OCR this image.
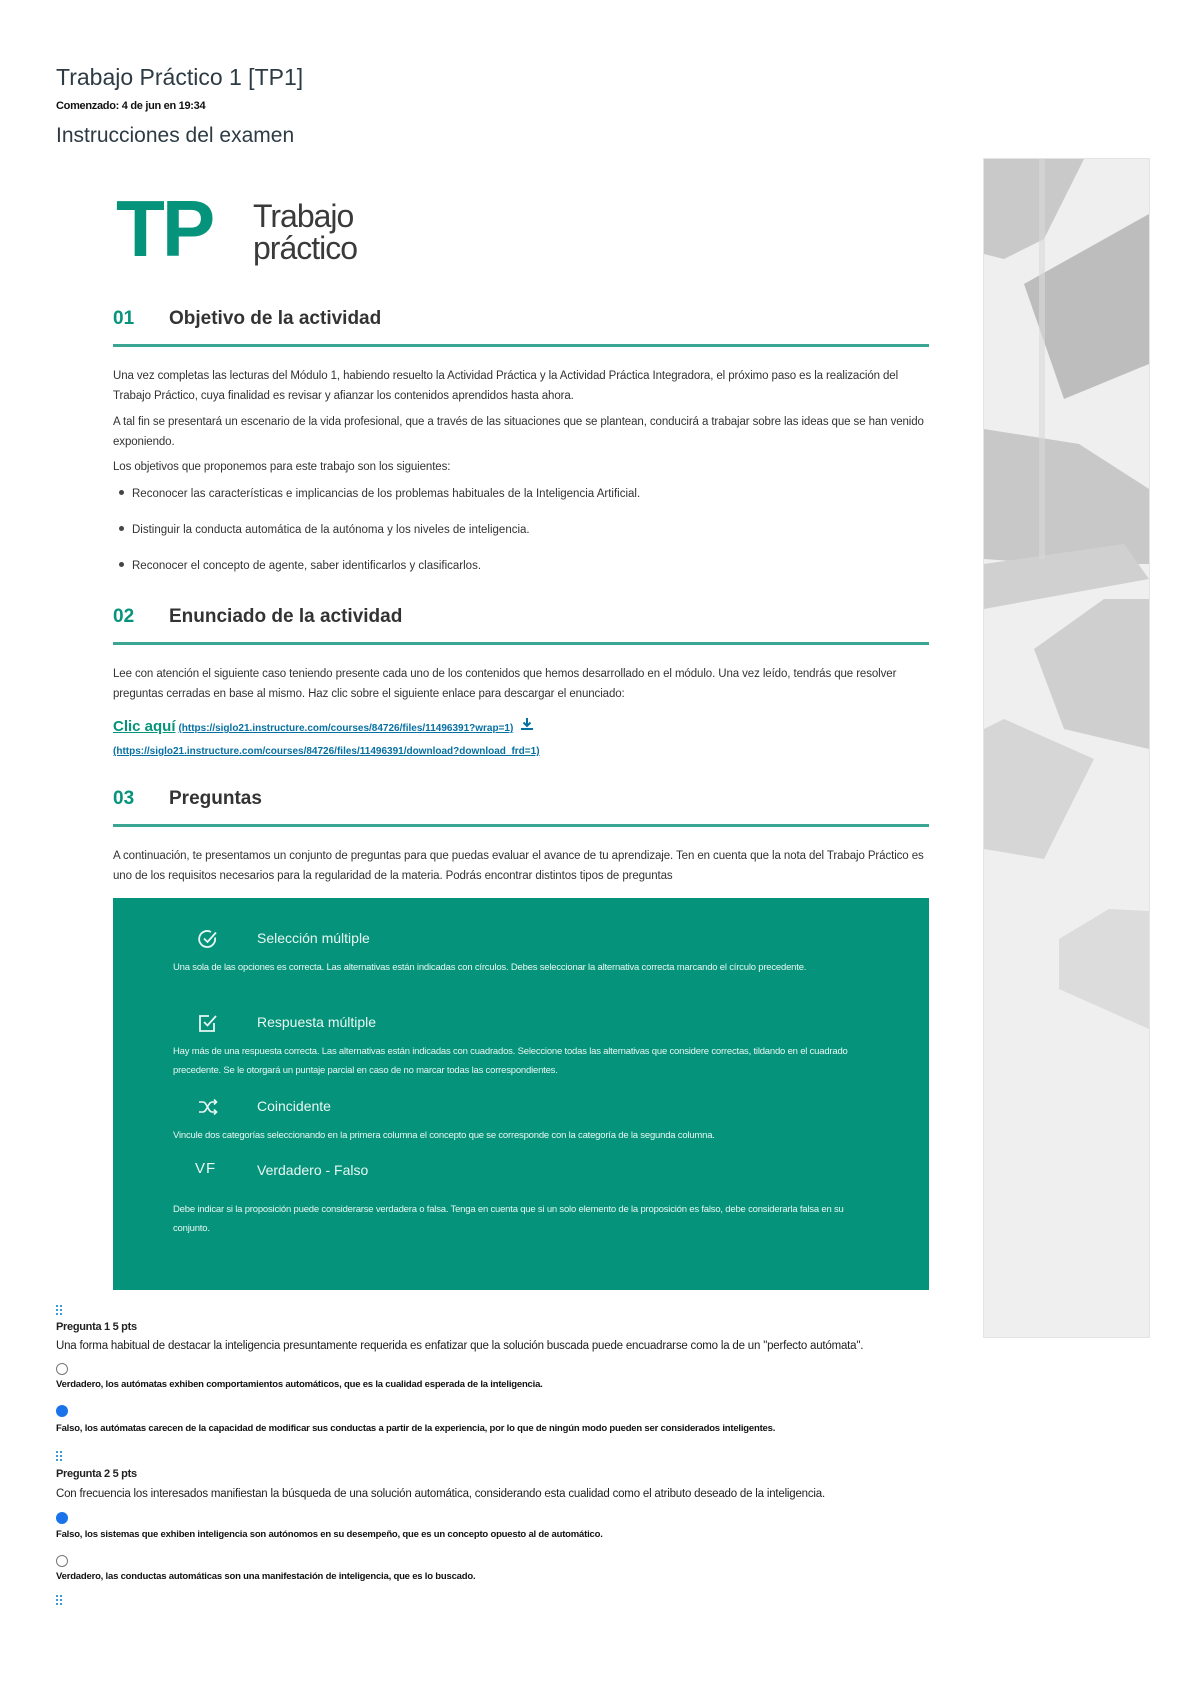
Trabajo Práctico 1 [TP1]
Comenzado: 4 de jun en 19:34
Instrucciones del examen
TP Trabajo
práctico
01 Objetivo de la actividad
Una vez completas las lecturas del Módulo 1, habiendo resuelto la Actividad Práctica y la Actividad Práctica Integradora, el próximo paso es la realización del Trabajo Práctico, cuya finalidad es revisar y afianzar los contenidos aprendidos hasta ahora.
A tal fin se presentará un escenario de la vida profesional, que a través de las situaciones que se plantean, conducirá a trabajar sobre las ideas que se han venido exponiendo.
Los objetivos que proponemos para este trabajo son los siguientes:
Reconocer las características e implicancias de los problemas habituales de la Inteligencia Artificial.
Distinguir la conducta automática de la autónoma y los niveles de inteligencia.
Reconocer el concepto de agente, saber identificarlos y clasificarlos.
02 Enunciado de la actividad
Lee con atención el siguiente caso teniendo presente cada uno de los contenidos que hemos desarrollado en el módulo. Una vez leído, tendrás que resolver preguntas cerradas en base al mismo. Haz clic sobre el siguiente enlace para descargar el enunciado:
Clic aquí (https://siglo21.instructure.com/courses/84726/files/11496391?wrap=1)
(https://siglo21.instructure.com/courses/84726/files/11496391/download?download_frd=1)
03 Preguntas
A continuación, te presentamos un conjunto de preguntas para que puedas evaluar el avance de tu aprendizaje. Ten en cuenta que la nota del Trabajo Práctico es uno de los requisitos necesarios para la regularidad de la materia. Podrás encontrar distintos tipos de preguntas
Selección múltiple
Una sola de las opciones es correcta. Las alternativas están indicadas con círculos. Debes seleccionar la alternativa correcta marcando el círculo precedente.
Respuesta múltiple
Hay más de una respuesta correcta. Las alternativas están indicadas con cuadrados. Seleccione todas las alternativas que considere correctas, tildando en el cuadrado precedente. Se le otorgará un puntaje parcial en caso de no marcar todas las correspondientes.
Coincidente
Vincule dos categorías seleccionando en la primera columna el concepto que se corresponde con la categoría de la segunda columna.
VF	Verdadero - Falso
Debe indicar si la proposición puede considerarse verdadera o falsa. Tenga en cuenta que si un solo elemento de la proposición es falso, debe considerarla falsa en su conjunto.
Pregunta 1 5 pts
Una forma habitual de destacar la inteligencia presuntamente requerida es enfatizar que la solución buscada puede encuadrarse como la de un "perfecto autómata".
Verdadero, los autómatas exhiben comportamientos automáticos, que es la cualidad esperada de la inteligencia.
Falso, los autómatas carecen de la capacidad de modificar sus conductas a partir de la experiencia, por lo que de ningún modo pueden ser considerados inteligentes.
Pregunta 2 5 pts
Con frecuencia los interesados manifiestan la búsqueda de una solución automática, considerando esta cualidad como el atributo deseado de la inteligencia.
Falso, los sistemas que exhiben inteligencia son autónomos en su desempeño, que es un concepto opuesto al de automático.
Verdadero, las conductas automáticas son una manifestación de inteligencia, que es lo buscado.
